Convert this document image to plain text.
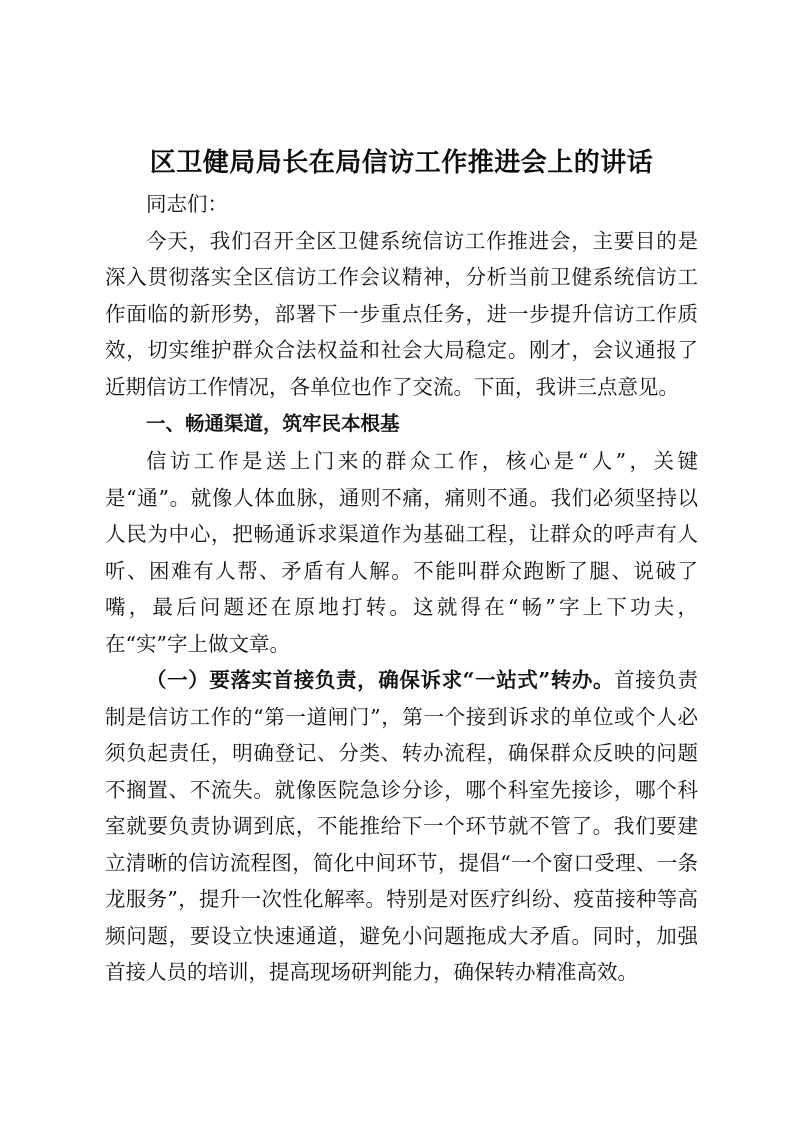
区卫健局局长在局信访工作推进会上的讲话

同志们：

今天，我们召开全区卫健系统信访工作推进会，主要目的是深入贯彻落实全区信访工作会议精神，分析当前卫健系统信访工作面临的新形势，部署下一步重点任务，进一步提升信访工作质效，切实维护群众合法权益和社会大局稳定。刚才，会议通报了近期信访工作情况，各单位也作了交流。下面，我讲三点意见。

一、畅通渠道，筑牢民本根基

信访工作是送上门来的群众工作，核心是“人”，关键是“通”。就像人体血脉，通则不痛，痛则不通。我们必须坚持以人民为中心，把畅通诉求渠道作为基础工程，让群众的呼声有人听、困难有人帮、矛盾有人解。不能叫群众跑断了腿、说破了嘴，最后问题还在原地打转。这就得在“畅”字上下功夫，在“实”字上做文章。

（一）要落实首接负责，确保诉求“一站式”转办。首接负责制是信访工作的“第一道闸门”，第一个接到诉求的单位或个人必须负起责任，明确登记、分类、转办流程，确保群众反映的问题不搁置、不流失。就像医院急诊分诊，哪个科室先接诊，哪个科室就要负责协调到底，不能推给下一个环节就不管了。我们要建立清晰的信访流程图，简化中间环节，提倡“一个窗口受理、一条龙服务”，提升一次性化解率。特别是对医疗纠纷、疫苗接种等高频问题，要设立快速通道，避免小问题拖成大矛盾。同时，加强首接人员的培训，提高现场研判能力，确保转办精准高效。
